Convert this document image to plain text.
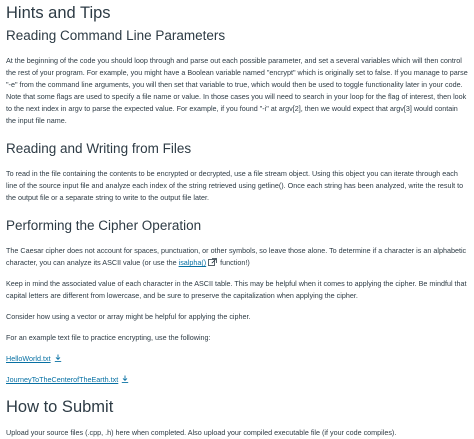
Hints and Tips
Reading Command Line Parameters

At the beginning of the code you should loop through and parse out each possible parameter, and set a several variables which will then control the rest of your program. For example, you might have a Boolean variable named "encrypt" which is originally set to false. If you manage to parse "-e" from the command line arguments, you will then set that variable to true, which would then be used to toggle functionality later in your code.

Note that some flags are used to specify a file name or value. In those cases you will need to search in your loop for the flag of interest, then look to the next index in argv to parse the expected value. For example, if you found "-i" at argv[2], then we would expect that argv[3] would contain the input file name.

Reading and Writing from Files

To read in the file containing the contents to be encrypted or decrypted, use a file stream object. Using this object you can iterate through each line of the source input file and analyze each index of the string retrieved using getline(). Once each string has been analyzed, write the result to the output file or a separate string to write to the output file later.

Performing the Cipher Operation

The Caesar cipher does not account for spaces, punctuation, or other symbols, so leave those alone. To determine if a character is an alphabetic character, you can analyze its ASCII value (or use the isalpha() function!)

Keep in mind the associated value of each character in the ASCII table. This may be helpful when it comes to applying the cipher. Be mindful that capital letters are different from lowercase, and be sure to preserve the capitalization when applying the cipher.

Consider how using a vector or array might be helpful for applying the cipher.

For an example text file to practice encrypting, use the following:

HelloWorld.txt

JourneyToTheCenterofTheEarth.txt

How to Submit

Upload your source files (.cpp, .h) here when completed. Also upload your compiled executable file (if your code compiles).
